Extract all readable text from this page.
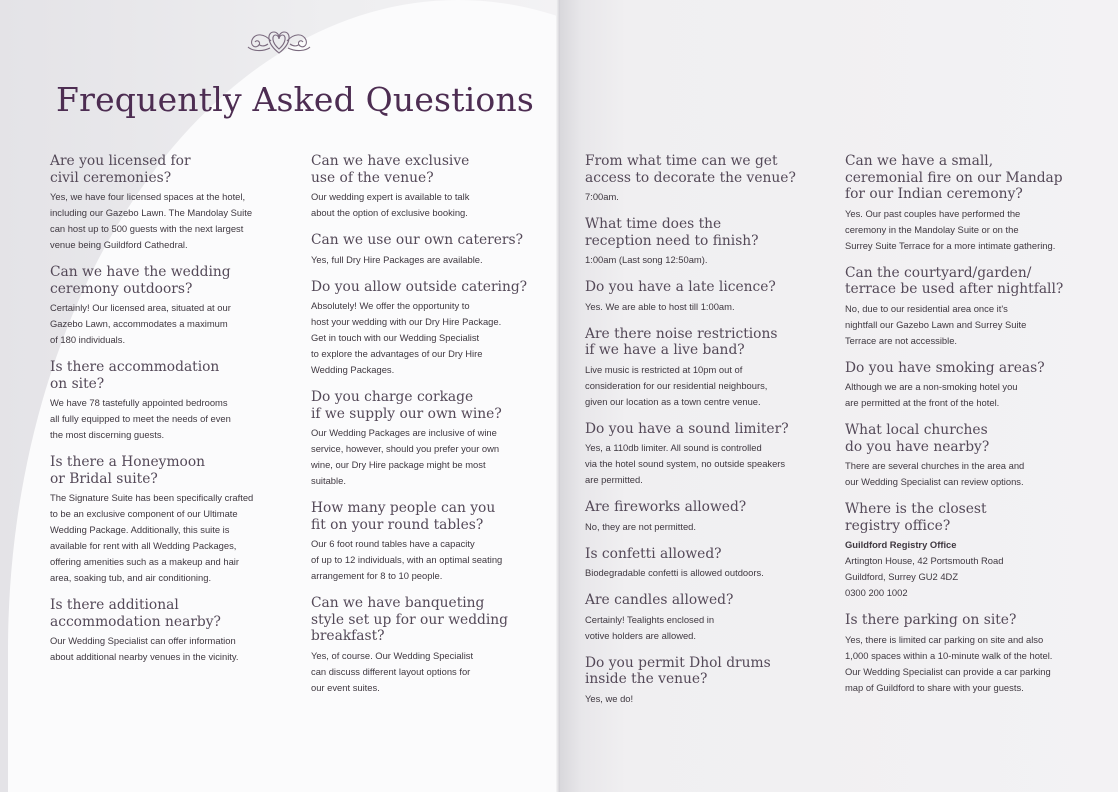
Frequently Asked Questions
Are you licensed for
civil ceremonies?

Yes, we have four licensed spaces at the hotel,
including our Gazebo Lawn. The Mandolay Suite
can host up to 500 guests with the next largest
venue being Guildford Cathedral.

Can we have the wedding
ceremony outdoors?

Certainly! Our licensed area, situated at our
Gazebo Lawn, accommodates a maximum
of 180 individuals.

Is there accommodation
on site?

We have 78 tastefully appointed bedrooms
all fully equipped to meet the needs of even
the most discerning guests.

Is there a Honeymoon
or Bridal suite?

The Signature Suite has been specifically crafted
to be an exclusive component of our Ultimate
Wedding Package. Additionally, this suite is
available for rent with all Wedding Packages,
offering amenities such as a makeup and hair
area, soaking tub, and air conditioning.

Is there additional
accommodation nearby?

Our Wedding Specialist can offer information
about additional nearby venues in the vicinity.

Can we have exclusive
use of the venue?

Our wedding expert is available to talk
about the option of exclusive booking.

Can we use our own caterers?

Yes, full Dry Hire Packages are available.

Do you allow outside catering?

Absolutely! We offer the opportunity to
host your wedding with our Dry Hire Package.
Get in touch with our Wedding Specialist
to explore the advantages of our Dry Hire
Wedding Packages.

Do you charge corkage
if we supply our own wine?

Our Wedding Packages are inclusive of wine
service, however, should you prefer your own
wine, our Dry Hire package might be most
suitable.

How many people can you
fit on your round tables?

Our 6 foot round tables have a capacity
of up to 12 individuals, with an optimal seating
arrangement for 8 to 10 people.

Can we have banqueting
style set up for our wedding
breakfast?

Yes, of course. Our Wedding Specialist
can discuss different layout options for
our event suites.

From what time can we get
access to decorate the venue?

7:00am.

What time does the
reception need to finish?

1:00am (Last song 12:50am).

Do you have a late licence?

Yes. We are able to host till 1:00am.

Are there noise restrictions
if we have a live band?

Live music is restricted at 10pm out of
consideration for our residential neighbours,
given our location as a town centre venue.

Do you have a sound limiter?

Yes, a 110db limiter. All sound is controlled
via the hotel sound system, no outside speakers
are permitted.

Are fireworks allowed?

No, they are not permitted.

Is confetti allowed?

Biodegradable confetti is allowed outdoors.

Are candles allowed?

Certainly! Tealights enclosed in
votive holders are allowed.

Do you permit Dhol drums
inside the venue?

Yes, we do!

Can we have a small,
ceremonial fire on our Mandap
for our Indian ceremony?

Yes. Our past couples have performed the
ceremony in the Mandolay Suite or on the
Surrey Suite Terrace for a more intimate gathering.

Can the courtyard/garden/
terrace be used after nightfall?

No, due to our residential area once it's
nightfall our Gazebo Lawn and Surrey Suite
Terrace are not accessible.

Do you have smoking areas?

Although we are a non-smoking hotel you
are permitted at the front of the hotel.

What local churches
do you have nearby?

There are several churches in the area and
our Wedding Specialist can review options.

Where is the closest
registry office?
Guildford Registry Office
Artington House, 42 Portsmouth Road
Guildford, Surrey GU2 4DZ
0300 200 1002
Is there parking on site?

Yes, there is limited car parking on site and also
1,000 spaces within a 10-minute walk of the hotel.
Our Wedding Specialist can provide a car parking
map of Guildford to share with your guests.
